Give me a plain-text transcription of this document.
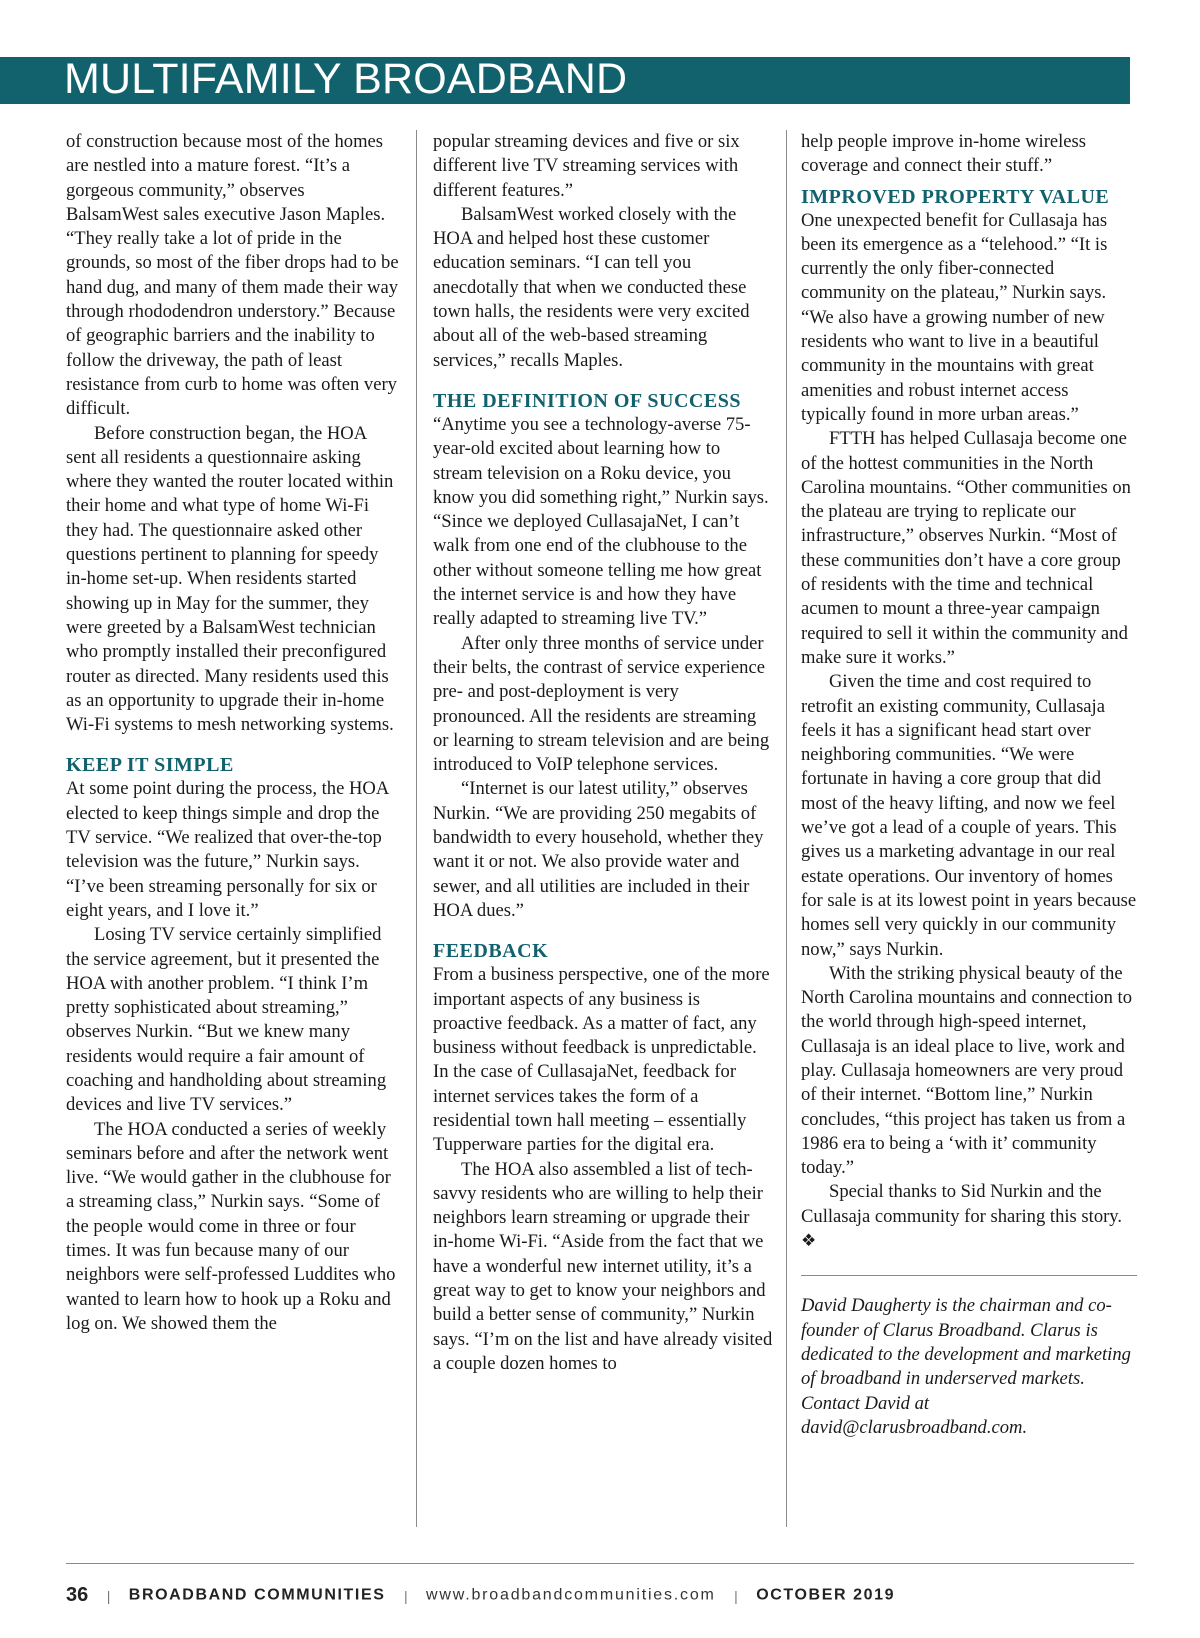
MULTIFAMILY BROADBAND

of construction because most of the homes are nestled into a mature forest. “It’s a gorgeous community,” observes BalsamWest sales executive Jason Maples. “They really take a lot of pride in the grounds, so most of the fiber drops had to be hand dug, and many of them made their way through rhododendron understory.” Because of geographic barriers and the inability to follow the driveway, the path of least resistance from curb to home was often very difficult.

Before construction began, the HOA sent all residents a questionnaire asking where they wanted the router located within their home and what type of home Wi-Fi they had. The questionnaire asked other questions pertinent to planning for speedy in-home set-up. When residents started showing up in May for the summer, they were greeted by a BalsamWest technician who promptly installed their preconfigured router as directed. Many residents used this as an opportunity to upgrade their in-home Wi-Fi systems to mesh networking systems.

KEEP IT SIMPLE

At some point during the process, the HOA elected to keep things simple and drop the TV service. “We realized that over-the-top television was the future,” Nurkin says. “I’ve been streaming personally for six or eight years, and I love it.”

Losing TV service certainly simplified the service agreement, but it presented the HOA with another problem. “I think I’m pretty sophisticated about streaming,” observes Nurkin. “But we knew many residents would require a fair amount of coaching and handholding about streaming devices and live TV services.”

The HOA conducted a series of weekly seminars before and after the network went live. “We would gather in the clubhouse for a streaming class,” Nurkin says. “Some of the people would come in three or four times. It was fun because many of our neighbors were self-professed Luddites who wanted to learn how to hook up a Roku and log on. We showed them the

popular streaming devices and five or six different live TV streaming services with different features.”

BalsamWest worked closely with the HOA and helped host these customer education seminars. “I can tell you anecdotally that when we conducted these town halls, the residents were very excited about all of the web-based streaming services,” recalls Maples.

THE DEFINITION OF SUCCESS

“Anytime you see a technology-averse 75-year-old excited about learning how to stream television on a Roku device, you know you did something right,” Nurkin says. “Since we deployed CullasajaNet, I can’t walk from one end of the clubhouse to the other without someone telling me how great the internet service is and how they have really adapted to streaming live TV.”

After only three months of service under their belts, the contrast of service experience pre- and post-deployment is very pronounced. All the residents are streaming or learning to stream television and are being introduced to VoIP telephone services.

“Internet is our latest utility,” observes Nurkin. “We are providing 250 megabits of bandwidth to every household, whether they want it or not. We also provide water and sewer, and all utilities are included in their HOA dues.”

FEEDBACK

From a business perspective, one of the more important aspects of any business is proactive feedback. As a matter of fact, any business without feedback is unpredictable. In the case of CullasajaNet, feedback for internet services takes the form of a residential town hall meeting – essentially Tupperware parties for the digital era.

The HOA also assembled a list of tech-savvy residents who are willing to help their neighbors learn streaming or upgrade their in-home Wi-Fi. “Aside from the fact that we have a wonderful new internet utility, it’s a great way to get to know your neighbors and build a better sense of community,” Nurkin says. “I’m on the list and have already visited a couple dozen homes to

help people improve in-home wireless coverage and connect their stuff.”

IMPROVED PROPERTY VALUE

One unexpected benefit for Cullasaja has been its emergence as a “telehood.” “It is currently the only fiber-connected community on the plateau,” Nurkin says. “We also have a growing number of new residents who want to live in a beautiful community in the mountains with great amenities and robust internet access typically found in more urban areas.”

FTTH has helped Cullasaja become one of the hottest communities in the North Carolina mountains. “Other communities on the plateau are trying to replicate our infrastructure,” observes Nurkin. “Most of these communities don’t have a core group of residents with the time and technical acumen to mount a three-year campaign required to sell it within the community and make sure it works.”

Given the time and cost required to retrofit an existing community, Cullasaja feels it has a significant head start over neighboring communities. “We were fortunate in having a core group that did most of the heavy lifting, and now we feel we’ve got a lead of a couple of years. This gives us a marketing advantage in our real estate operations. Our inventory of homes for sale is at its lowest point in years because homes sell very quickly in our community now,” says Nurkin.

With the striking physical beauty of the North Carolina mountains and connection to the world through high-speed internet, Cullasaja is an ideal place to live, work and play. Cullasaja homeowners are very proud of their internet. “Bottom line,” Nurkin concludes, “this project has taken us from a 1986 era to being a ‘with it’ community today.”

Special thanks to Sid Nurkin and the Cullasaja community for sharing this story. ❖

David Daugherty is the chairman and co-founder of Clarus Broadband. Clarus is dedicated to the development and marketing of broadband in underserved markets. Contact David at david@clarusbroadband.com.

36 | BROADBAND COMMUNITIES | www.broadbandcommunities.com | OCTOBER 2019
